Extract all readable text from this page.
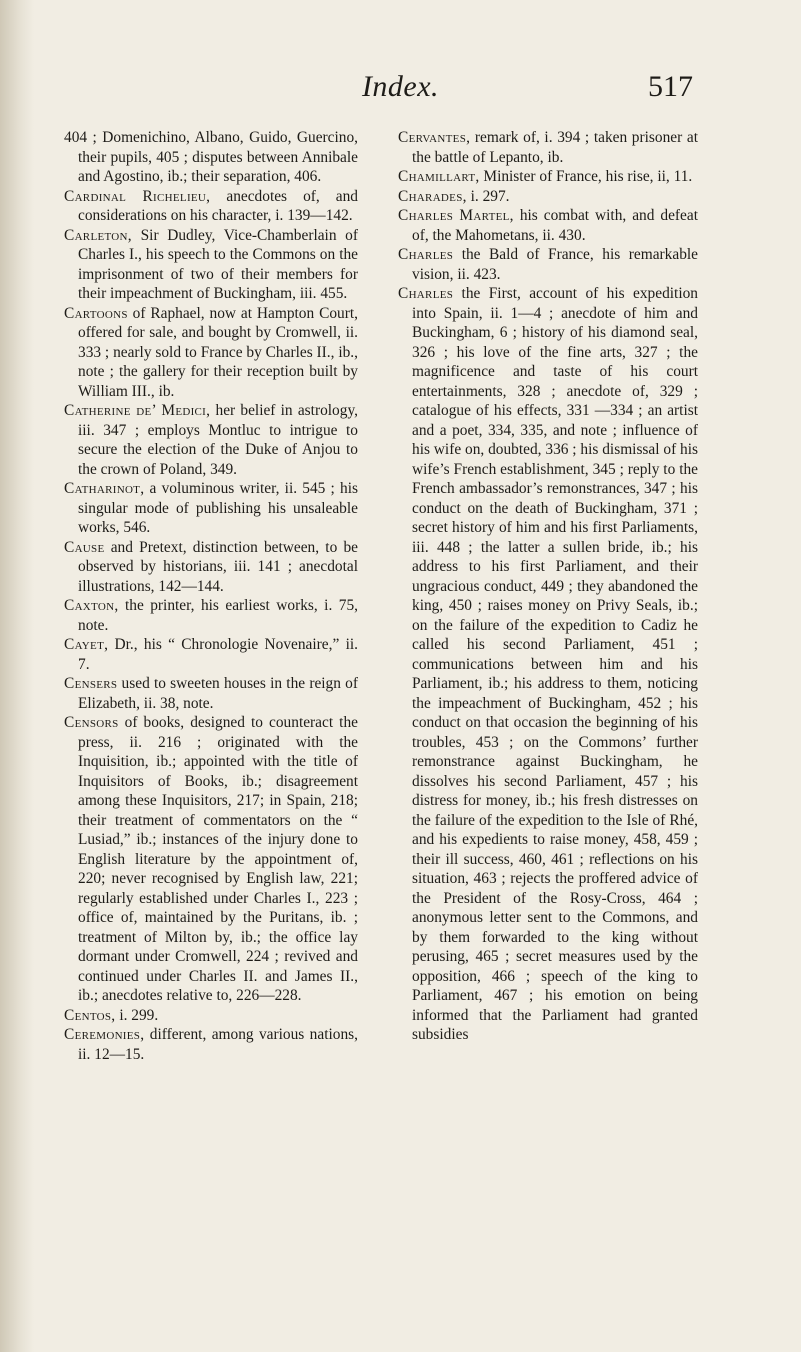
Index.	517

404 ; Domenichino, Albano, Guido, Guercino, their pupils, 405 ; disputes between Annibale and Agostino, ib.; their separation, 406.

Cardinal Richelieu, anecdotes of, and considerations on his character, i. 139—142.

Carleton, Sir Dudley, Vice-Chamberlain of Charles I., his speech to the Commons on the imprisonment of two of their members for their impeachment of Buckingham, iii. 455.

Cartoons of Raphael, now at Hampton Court, offered for sale, and bought by Cromwell, ii. 333 ; nearly sold to France by Charles II., ib., note ; the gallery for their reception built by William III., ib.

Catherine de’ Medici, her belief in astrology, iii. 347 ; employs Montluc to intrigue to secure the election of the Duke of Anjou to the crown of Poland, 349.

Catharinot, a voluminous writer, ii. 545 ; his singular mode of publishing his unsaleable works, 546.

Cause and Pretext, distinction between, to be observed by historians, iii. 141 ; anecdotal illustrations, 142—144.

Caxton, the printer, his earliest works, i. 75, note.

Cayet, Dr., his “ Chronologie Novenaire,” ii. 7.

Censers used to sweeten houses in the reign of Elizabeth, ii. 38, note.

Censors of books, designed to counteract the press, ii. 216 ; originated with the Inquisition, ib.; appointed with the title of Inquisitors of Books, ib.; disagreement among these Inquisitors, 217; in Spain, 218; their treatment of commentators on the “ Lusiad,” ib.; instances of the injury done to English literature by the appointment of, 220; never recognised by English law, 221; regularly established under Charles I., 223 ; office of, maintained by the Puritans, ib. ; treatment of Milton by, ib.; the office lay dormant under Cromwell, 224 ; revived and continued under Charles II. and James II., ib.; anecdotes relative to, 226—228.

Centos, i. 299.

Ceremonies, different, among various nations, ii. 12—15.

Cervantes, remark of, i. 394 ; taken prisoner at the battle of Lepanto, ib.

Chamillart, Minister of France, his rise, ii, 11.

Charades, i. 297.

Charles Martel, his combat with, and defeat of, the Mahometans, ii. 430.

Charles the Bald of France, his remarkable vision, ii. 423.

Charles the First, account of his expedition into Spain, ii. 1—4 ; anecdote of him and Buckingham, 6 ; history of his diamond seal, 326 ; his love of the fine arts, 327 ; the magnificence and taste of his court entertainments, 328 ; anecdote of, 329 ; catalogue of his effects, 331 —334 ; an artist and a poet, 334, 335, and note ; influence of his wife on, doubted, 336 ; his dismissal of his wife’s French establishment, 345 ; reply to the French ambassador’s remonstrances, 347 ; his conduct on the death of Buckingham, 371 ; secret history of him and his first Parliaments, iii. 448 ; the latter a sullen bride, ib.; his address to his first Parliament, and their ungracious conduct, 449 ; they abandoned the king, 450 ; raises money on Privy Seals, ib.; on the failure of the expedition to Cadiz he called his second Parliament, 451 ; communications between him and his Parliament, ib.; his address to them, noticing the impeachment of Buckingham, 452 ; his conduct on that occasion the beginning of his troubles, 453 ; on the Commons’ further remonstrance against Buckingham, he dissolves his second Parliament, 457 ; his distress for money, ib.; his fresh distresses on the failure of the expedition to the Isle of Rhé, and his expedients to raise money, 458, 459 ; their ill success, 460, 461 ; reflections on his situation, 463 ; rejects the proffered advice of the President of the Rosy-Cross, 464 ; anonymous letter sent to the Commons, and by them forwarded to the king without perusing, 465 ; secret measures used by the opposition, 466 ; speech of the king to Parliament, 467 ; his emotion on being informed that the Parliament had granted subsidies
